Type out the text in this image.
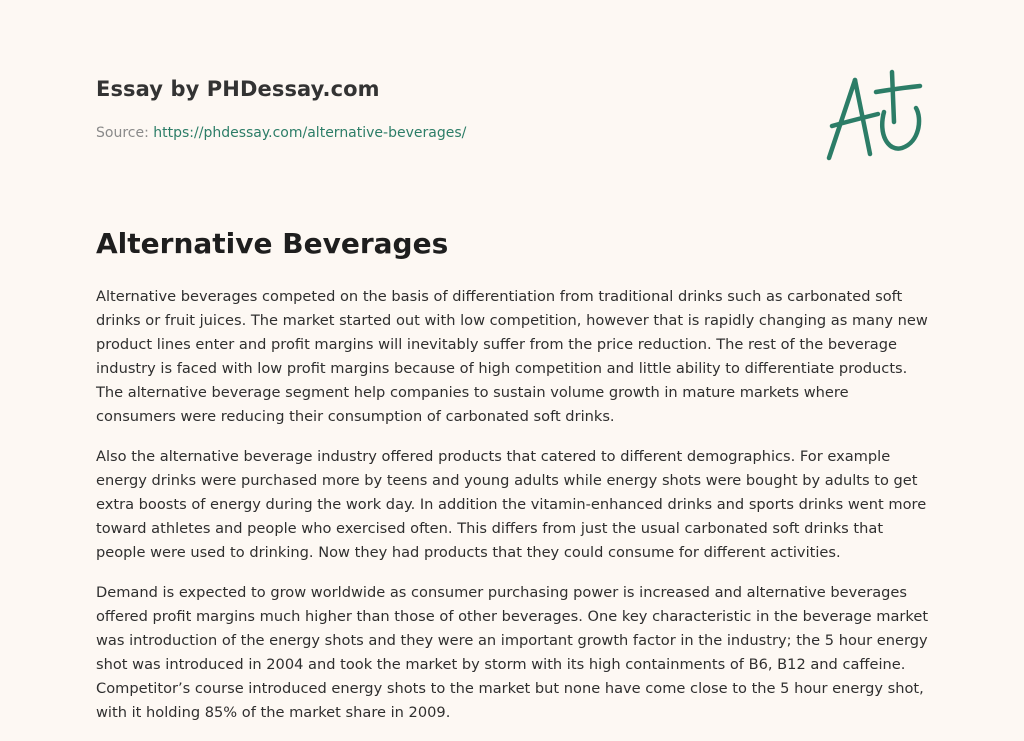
Essay by PHDessay.com
Source: https://phdessay.com/alternative-beverages/
Alternative Beverages

Alternative beverages competed on the basis of differentiation from traditional drinks such as carbonated soft drinks or fruit juices. The market started out with low competition, however that is rapidly changing as many new product lines enter and profit margins will inevitably suffer from the price reduction. The rest of the beverage industry is faced with low profit margins because of high competition and little ability to differentiate products. The alternative beverage segment help companies to sustain volume growth in mature markets where consumers were reducing their consumption of carbonated soft drinks.

Also the alternative beverage industry offered products that catered to different demographics. For example energy drinks were purchased more by teens and young adults while energy shots were bought by adults to get extra boosts of energy during the work day. In addition the vitamin-enhanced drinks and sports drinks went more toward athletes and people who exercised often. This differs from just the usual carbonated soft drinks that people were used to drinking. Now they had products that they could consume for different activities.

Demand is expected to grow worldwide as consumer purchasing power is increased and alternative beverages offered profit margins much higher than those of other beverages. One key characteristic in the beverage market was introduction of the energy shots and they were an important growth factor in the industry; the 5 hour energy shot was introduced in 2004 and took the market by storm with its high containments of B6, B12 and caffeine. Competitor’s course introduced energy shots to the market but none have come close to the 5 hour energy shot, with it holding 85% of the market share in 2009.
